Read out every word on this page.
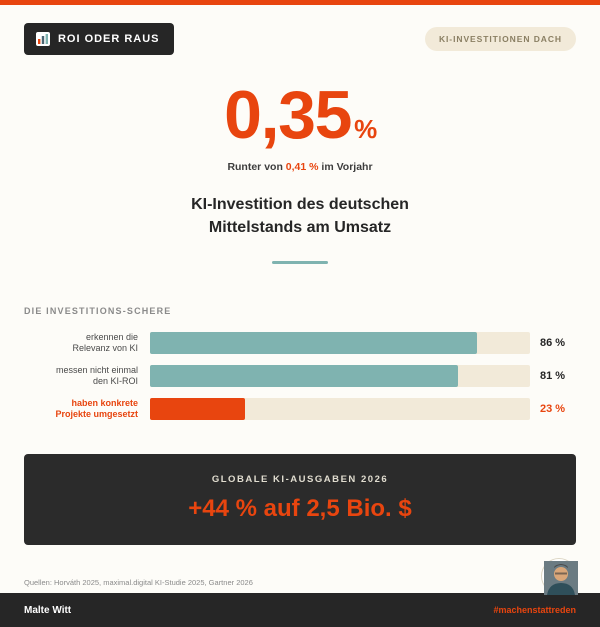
ROI ODER RAUS	KI-INVESTITIONEN DACH
0,35 %
Runter von 0,41 % im Vorjahr
KI-Investition des deutschen
Mittelstands am Umsatz
DIE INVESTITIONS-SCHERE
erkennen die
Relevanz von KI	86 %
messen nicht einmal
den KI-ROI	81 %
haben konkrete
Projekte umgesetzt	23 %
GLOBALE KI-AUSGABEN 2026
+44 % auf 2,5 Bio. $
Quellen: Horváth 2025, maximal.digital KI-Studie 2025, Gartner 2026
Malte Witt	#machenstattreden
